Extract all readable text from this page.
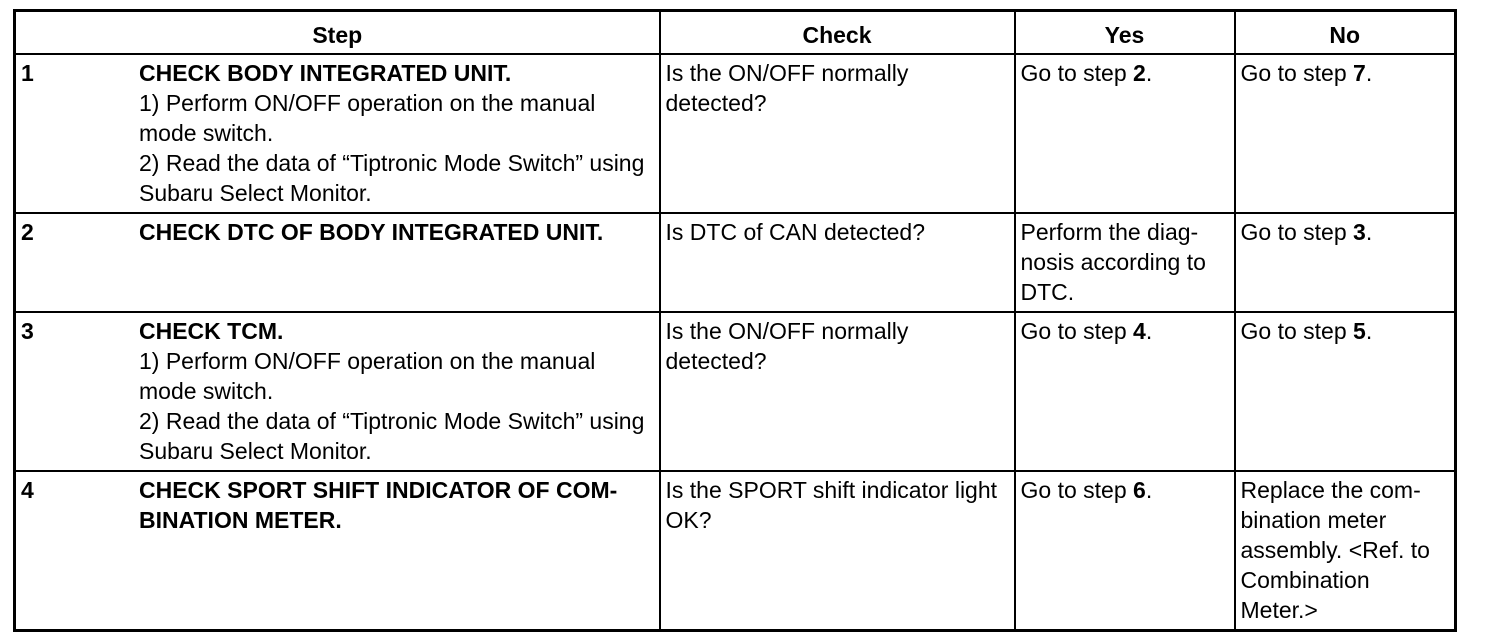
Step	Check	Yes	No

1 CHECK BODY INTEGRATED UNIT.
1) Perform ON/OFF operation on the manual mode switch.
2) Read the data of “Tiptronic Mode Switch” using Subaru Select Monitor.	Is the ON/OFF normally detected?	Go to step 2.	Go to step 7.

2 CHECK DTC OF BODY INTEGRATED UNIT.	Is DTC of CAN detected?	Perform the diag-nosis according to DTC.	Go to step 3.

3 CHECK TCM.
1) Perform ON/OFF operation on the manual mode switch.
2) Read the data of “Tiptronic Mode Switch” using Subaru Select Monitor.	Is the ON/OFF normally detected?	Go to step 4.	Go to step 5.

4 CHECK SPORT SHIFT INDICATOR OF COM-BINATION METER.	Is the SPORT shift indicator light OK?	Go to step 6.	Replace the com-bination meter assembly. <Ref. to Combination Meter.>
